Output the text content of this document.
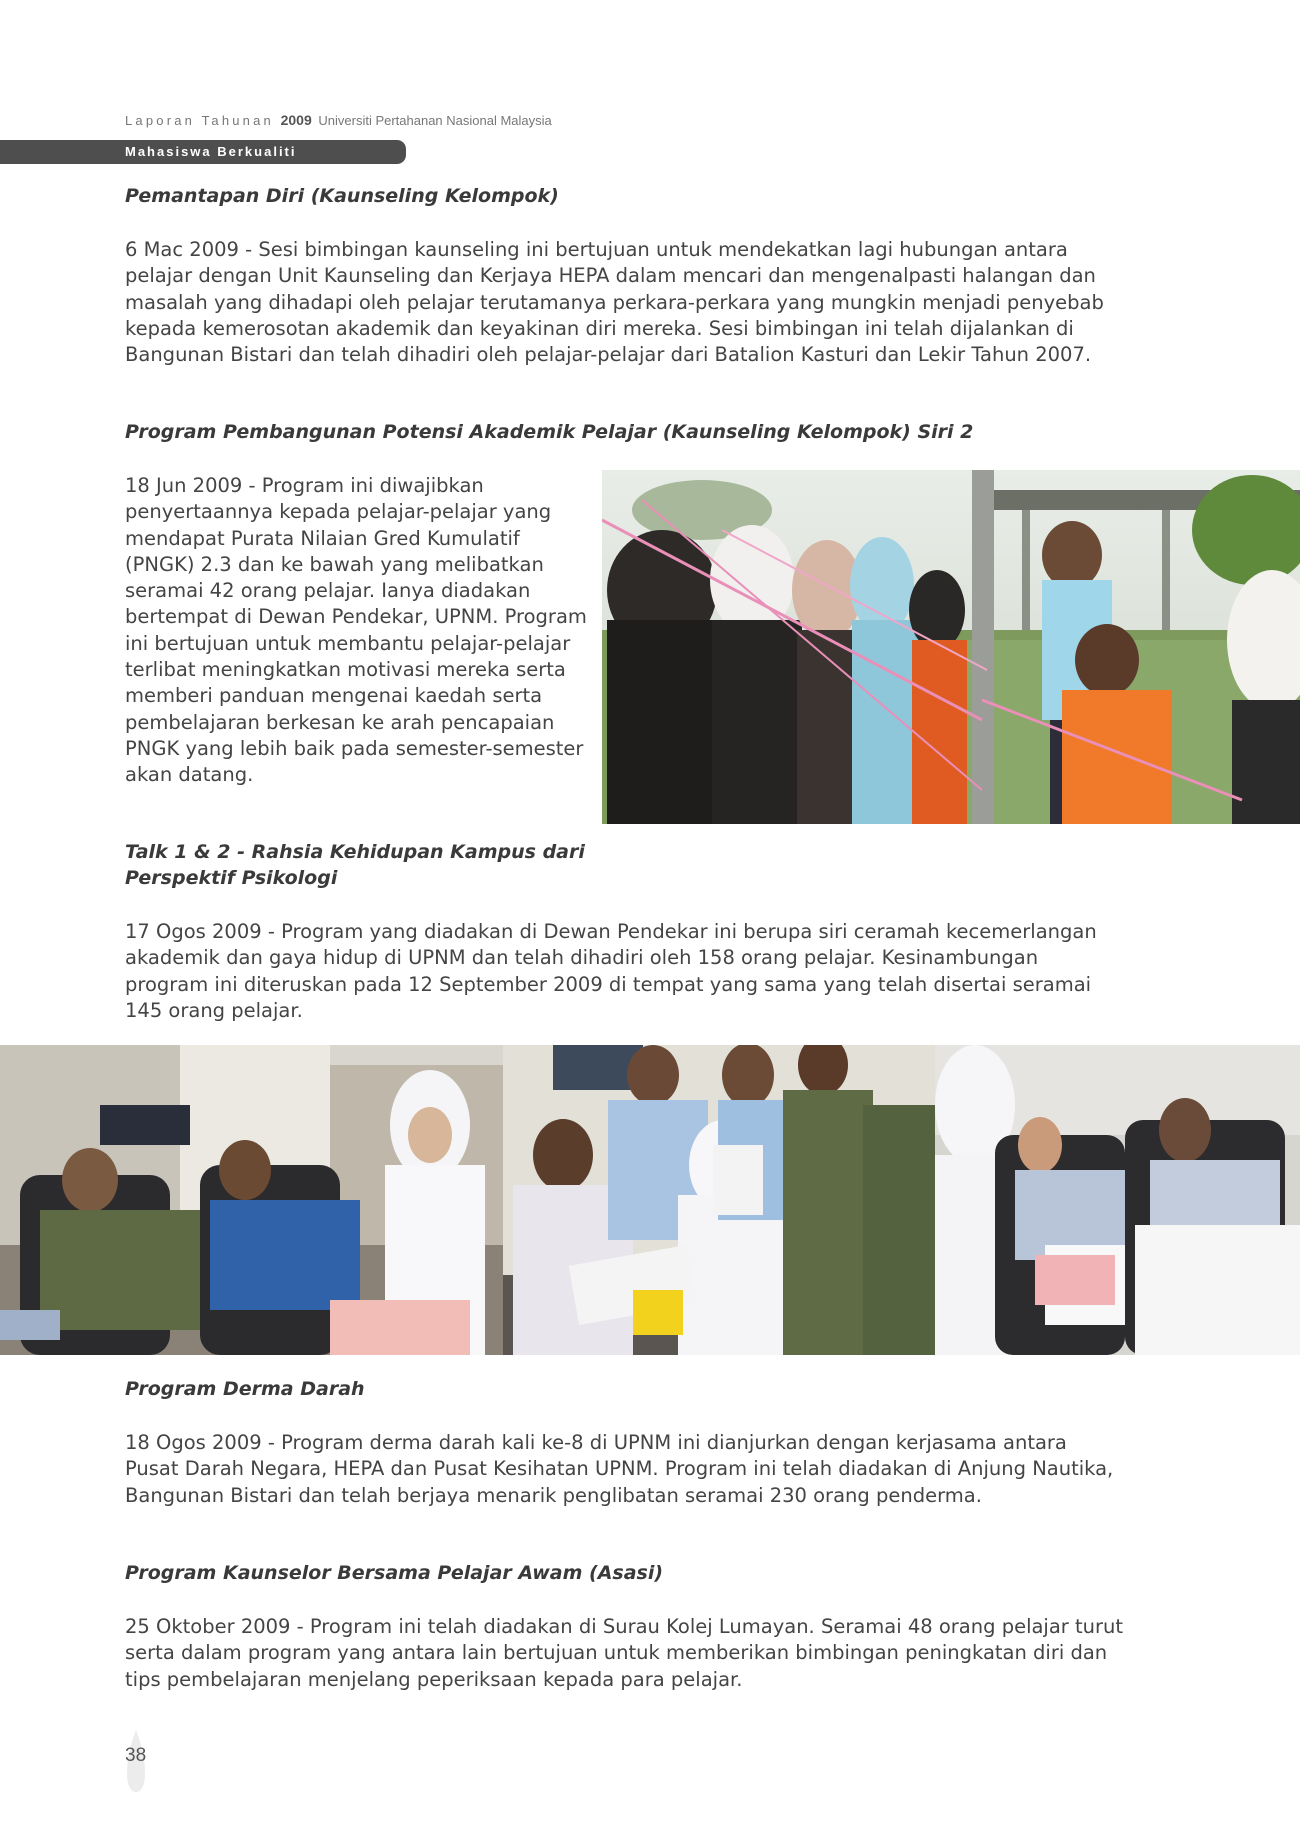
Laporan Tahunan 2009 Universiti Pertahanan Nasional Malaysia
Mahasiswa Berkualiti
Pemantapan Diri (Kaunseling Kelompok)

6 Mac 2009 - Sesi bimbingan kaunseling ini bertujuan untuk mendekatkan lagi hubungan antara pelajar dengan Unit Kaunseling dan Kerjaya HEPA dalam mencari dan mengenalpasti halangan dan masalah yang dihadapi oleh pelajar terutamanya perkara-perkara yang mungkin menjadi penyebab kepada kemerosotan akademik dan keyakinan diri mereka. Sesi bimbingan ini telah dijalankan di Bangunan Bistari dan telah dihadiri oleh pelajar-pelajar dari Batalion Kasturi dan Lekir Tahun 2007.

Program Pembangunan Potensi Akademik Pelajar (Kaunseling Kelompok) Siri 2

18 Jun 2009 - Program ini diwajibkan penyertaannya kepada pelajar-pelajar yang mendapat Purata Nilaian Gred Kumulatif (PNGK) 2.3 dan ke bawah yang melibatkan seramai 42 orang pelajar. Ianya diadakan bertempat di Dewan Pendekar, UPNM. Program ini bertujuan untuk membantu pelajar-pelajar terlibat meningkatkan motivasi mereka serta memberi panduan mengenai kaedah serta pembelajaran berkesan ke arah pencapaian PNGK yang lebih baik pada semester-semester akan datang.

Talk 1 & 2 - Rahsia Kehidupan Kampus dari Perspektif Psikologi

17 Ogos 2009 - Program yang diadakan di Dewan Pendekar ini berupa siri ceramah kecemerlangan akademik dan gaya hidup di UPNM dan telah dihadiri oleh 158 orang pelajar. Kesinambungan program ini diteruskan pada 12 September 2009 di tempat yang sama yang telah disertai seramai 145 orang pelajar.

Program Derma Darah

18 Ogos 2009 - Program derma darah kali ke-8 di UPNM ini dianjurkan dengan kerjasama antara Pusat Darah Negara, HEPA dan Pusat Kesihatan UPNM. Program ini telah diadakan di Anjung Nautika, Bangunan Bistari dan telah berjaya menarik penglibatan seramai 230 orang penderma.

Program Kaunselor Bersama Pelajar Awam (Asasi)

25 Oktober 2009 - Program ini telah diadakan di Surau Kolej Lumayan. Seramai 48 orang pelajar turut serta dalam program yang antara lain bertujuan untuk memberikan bimbingan peningkatan diri dan tips pembelajaran menjelang peperiksaan kepada para pelajar.

38
